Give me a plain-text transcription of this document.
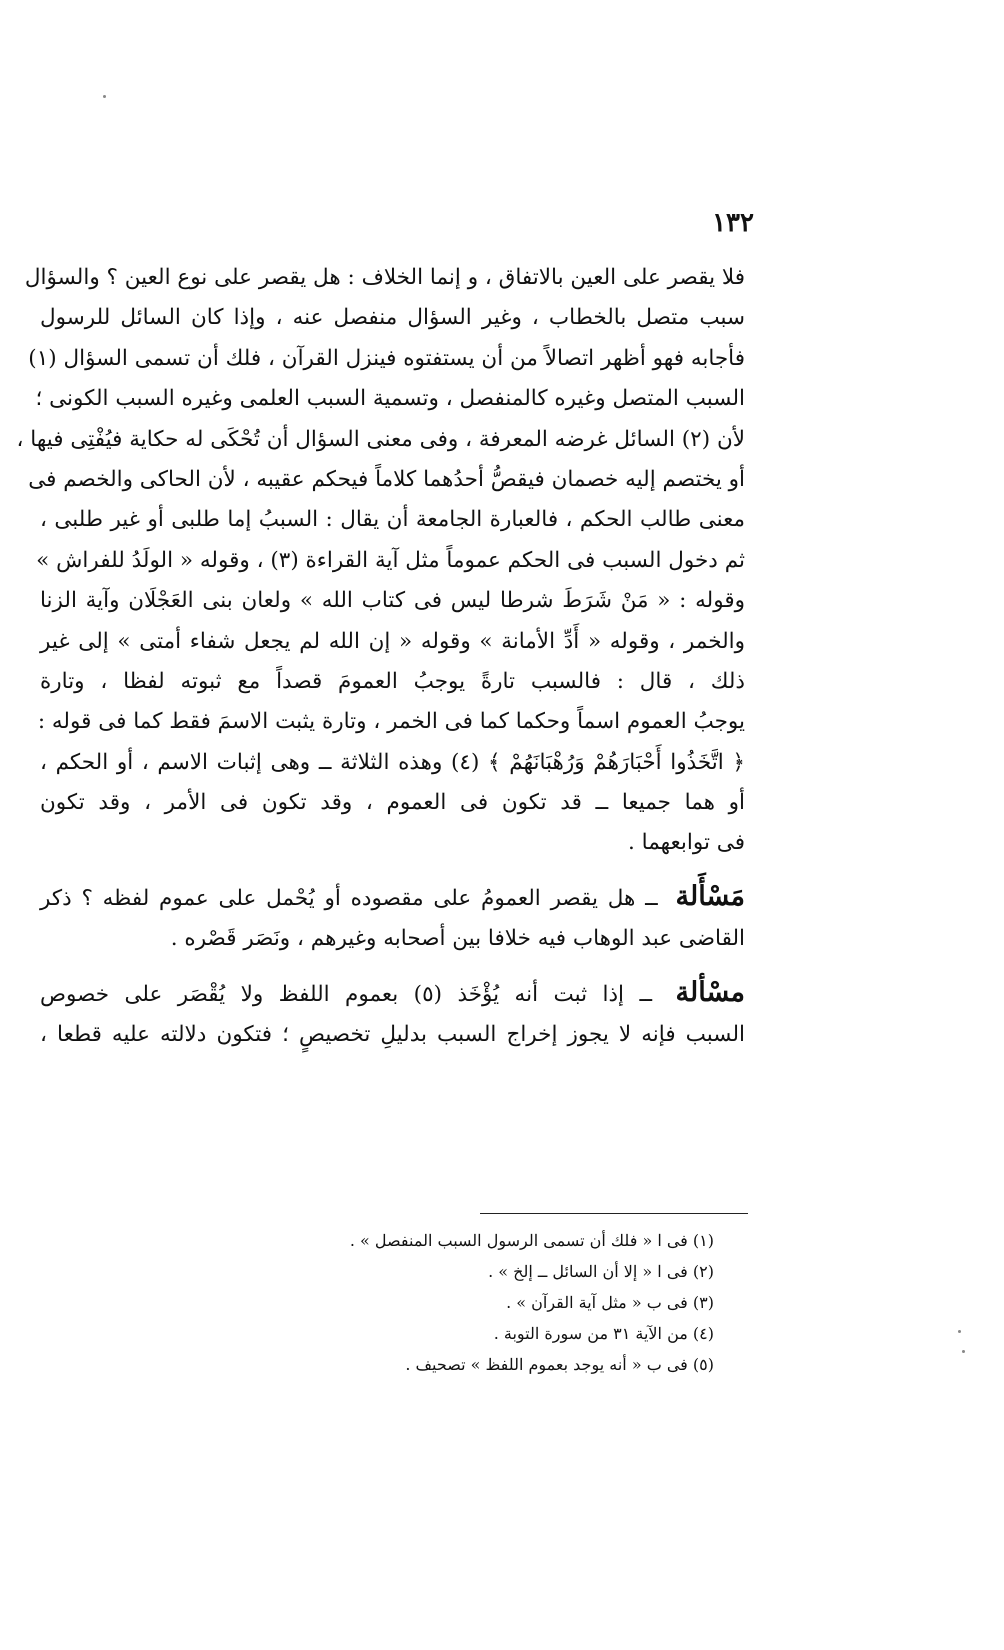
١٣٢
فلا يقصر على العين بالاتفاق ، و إنما الخلاف : هل يقصر على نوع العين ؟ والسؤال
سبب متصل بالخطاب ، وغير السؤال منفصل عنه ، وإذا كان السائل للرسول
فأجابه فهو أظهر اتصالاً من أن يستفتوه فينزل القرآن ، فلك أن تسمى السؤال (١)
السبب المتصل وغيره كالمنفصل ، وتسمية السبب العلمى وغيره السبب الكونى ؛
لأن (٢) السائل غرضه المعرفة ، وفى معنى السؤال أن تُحْكَى له حكاية فيُفْتِى فيها ،
أو يختصم إليه خصمان فيقصُّ أحدُهما كلاماً فيحكم عقيبه ، لأن الحاكى والخصم فى
معنى طالب الحكم ، فالعبارة الجامعة أن يقال : السببُ إما طلبى أو غير طلبى ،
ثم دخول السبب فى الحكم عموماً مثل آية القراءة (٣) ، وقوله « الولَدُ للفراش »
وقوله : « مَنْ شَرَطَ شرطا ليس فى كتاب الله » ولعان بنى العَجْلَان وآية الزنا
والخمر ، وقوله « أَدِّ الأمانة » وقوله « إن الله لم يجعل شفاء أمتى » إلى غير
ذلك ، قال : فالسبب تارةً يوجبُ العمومَ قصداً مع ثبوته لفظا ، وتارة
يوجبُ العموم اسماً وحكما كما فى الخمر ، وتارة يثبت الاسمَ فقط كما فى قوله :
﴿ اتَّخَذُوا أَحْبَارَهُمْ وَرُهْبَانَهُمْ ﴾ (٤) وهذه الثلاثة ــ وهى إثبات الاسم ، أو الحكم ،
أو هما جميعا ــ قد تكون فى العموم ، وقد تكون فى الأمر ، وقد تكون
فى توابعهما .
مَسْأَلة ــ هل يقصر العمومُ على مقصوده أو يُحْمل على عموم لفظه ؟ ذكر
القاضى عبد الوهاب فيه خلافا بين أصحابه وغيرهم ، ونَصَر قَصْره .
مسْألة ــ إذا ثبت أنه يُؤْخَذ (٥) بعموم اللفظ ولا يُقْصَر على خصوص
السبب فإنه لا يجوز إخراج السبب بدليلِ تخصيصٍ ؛ فتكون دلالته عليه قطعا ،
(١) فى ا « فلك أن تسمى الرسول السبب المنفصل » .
(٢) فى ا « إلا أن السائل ــ إلخ » .
(٣) فى ب « مثل آية القرآن » .
(٤) من الآية ٣١ من سورة التوبة .
(٥) فى ب « أنه يوجد بعموم اللفظ » تصحيف .
